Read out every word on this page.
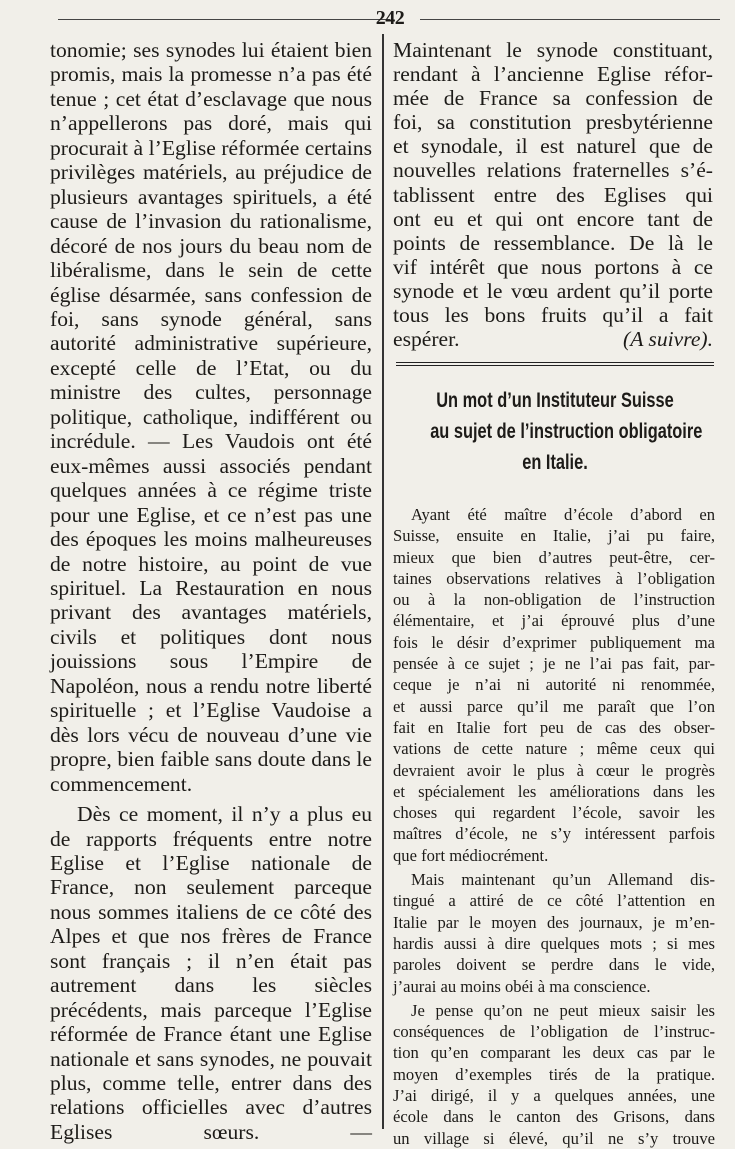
242

tonomie; ses synodes lui étaient bien promis, mais la promesse n’a pas été tenue ; cet état d’esclavage que nous n’appellerons pas doré, mais qui procurait à l’Eglise réformée certains privilèges matériels, au préjudice de plusieurs avantages spirituels, a été cause de l’invasion du rationalisme, décoré de nos jours du beau nom de libéralisme, dans le sein de cette église désarmée, sans confession de foi, sans synode général, sans autorité administrative supérieure, excepté celle de l’Etat, ou du ministre des cultes, personnage politique, catholique, indifférent ou incrédule. — Les Vaudois ont été eux-mêmes aussi associés pendant quelques années à ce régime triste pour une Eglise, et ce n’est pas une des époques les moins malheureuses de notre histoire, au point de vue spirituel. La Restauration en nous privant des avantages matériels, civils et politiques dont nous jouissions sous l’Empire de Napoléon, nous a rendu notre liberté spirituelle ; et l’Eglise Vaudoise a dès lors vécu de nouveau d’une vie propre, bien faible sans doute dans le commencement.

Dès ce moment, il n’y a plus eu de rapports fréquents entre notre Eglise et l’Eglise nationale de France, non seulement parceque nous sommes italiens de ce côté des Alpes et que nos frères de France sont français ; il n’en était pas autrement dans les siècles précédents, mais parceque l’Eglise réformée de France étant une Eglise nationale et sans synodes, ne pouvait plus, comme telle, entrer dans des relations officielles avec d’autres Eglises sœurs. —

Maintenant le synode constituant,
rendant à l’ancienne Eglise réfor-
mée de France sa confession de
foi, sa constitution presbytérienne
et synodale, il est naturel que de
nouvelles relations fraternelles s’é-
tablissent entre des Eglises qui
ont eu et qui ont encore tant de
points de ressemblance. De là le
vif intérêt que nous portons à ce
synode et le vœu ardent qu’il porte
tous les bons fruits qu’il a fait
espérer.	(A suivre).
Un mot d’un Instituteur Suisse
au sujet de l’instruction obligatoire
en Italie.
Ayant été maître d’école d’abord en
Suisse, ensuite en Italie, j’ai pu faire,
mieux que bien d’autres peut-être, cer-
taines observations relatives à l’obligation
ou à la non-obligation de l’instruction
élémentaire, et j’ai éprouvé plus d’une
fois le désir d’exprimer publiquement ma
pensée à ce sujet ; je ne l’ai pas fait, par-
ceque je n’ai ni autorité ni renommée,
et aussi parce qu’il me paraît que l’on
fait en Italie fort peu de cas des obser-
vations de cette nature ; même ceux qui
devraient avoir le plus à cœur le progrès
et spécialement les améliorations dans les
choses qui regardent l’école, savoir les
maîtres d’école, ne s’y intéressent parfois
que fort médiocrément.
Mais maintenant qu’un Allemand dis-
tingué a attiré de ce côté l’attention en
Italie par le moyen des journaux, je m’en-
hardis aussi à dire quelques mots ; si mes
paroles doivent se perdre dans le vide,
j’aurai au moins obéi à ma conscience.
Je pense qu’on ne peut mieux saisir les
conséquences de l’obligation de l’instruc-
tion qu’en comparant les deux cas par le
moyen d’exemples tirés de la pratique.
J’ai dirigé, il y a quelques années, une
école dans le canton des Grisons, dans
un village si élevé, qu’il ne s’y trouve
